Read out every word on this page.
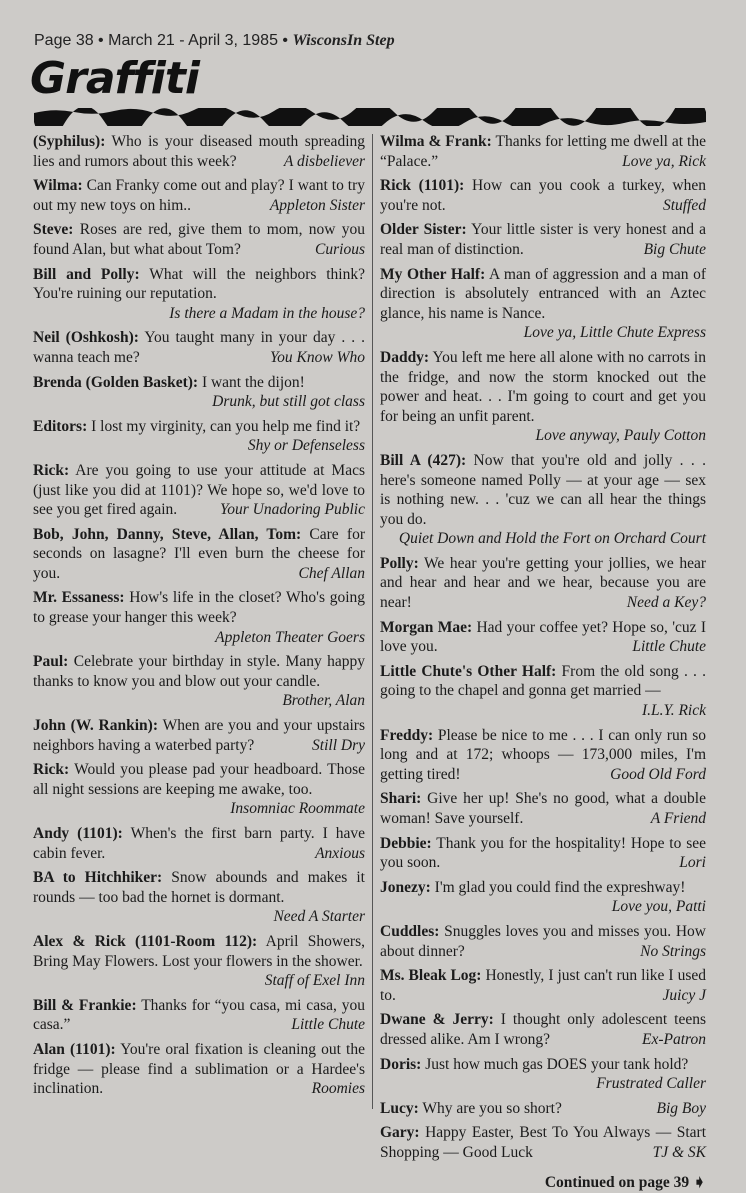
Page 38 • March 21 - April 3, 1985 • WisconsIn Step
Graffiti
(Syphilus): Who is your diseased mouth spreading lies and rumors about this week?	A disbeliever
Wilma: Can Franky come out and play? I want to try out my new toys on him..	Appleton Sister
Steve: Roses are red, give them to mom, now you found Alan, but what about Tom?	Curious
Bill and Polly: What will the neighbors think? You're ruining our reputation.
Is there a Madam in the house?
Neil (Oshkosh): You taught many in your day . . . wanna teach me?	You Know Who
Brenda (Golden Basket): I want the dijon!
Drunk, but still got class
Editors: I lost my virginity, can you help me find it?
Shy or Defenseless
Rick: Are you going to use your attitude at Macs (just like you did at 1101)? We hope so, we'd love to see you get fired again.	Your Unadoring Public
Bob, John, Danny, Steve, Allan, Tom: Care for seconds on lasagne? I'll even burn the cheese for you.	Chef Allan
Mr. Essaness: How's life in the closet? Who's going to grease your hanger this week?
Appleton Theater Goers
Paul: Celebrate your birthday in style. Many happy thanks to know you and blow out your candle.
Brother, Alan
John (W. Rankin): When are you and your upstairs neighbors having a waterbed party?	Still Dry
Rick: Would you please pad your headboard. Those all night sessions are keeping me awake, too.
Insomniac Roommate
Andy (1101): When's the first barn party. I have cabin fever.	Anxious
BA to Hitchhiker: Snow abounds and makes it rounds — too bad the hornet is dormant.
Need A Starter
Alex & Rick (1101-Room 112): April Showers, Bring May Flowers. Lost your flowers in the shower.
Staff of Exel Inn
Bill & Frankie: Thanks for “you casa, mi casa, you casa.”	Little Chute
Alan (1101): You're oral fixation is cleaning out the fridge — please find a sublimation or a Hardee's inclination.	Roomies
Wilma & Frank: Thanks for letting me dwell at the “Palace.”	Love ya, Rick
Rick (1101): How can you cook a turkey, when you're not.	Stuffed
Older Sister: Your little sister is very honest and a real man of distinction.	Big Chute
My Other Half: A man of aggression and a man of direction is absolutely entranced with an Aztec glance, his name is Nance.
Love ya, Little Chute Express
Daddy: You left me here all alone with no carrots in the fridge, and now the storm knocked out the power and heat. . . I'm going to court and get you for being an unfit parent.
Love anyway, Pauly Cotton
Bill A (427): Now that you're old and jolly . . . here's someone named Polly — at your age — sex is nothing new. . . 'cuz we can all hear the things you do.
Quiet Down and Hold the Fort on Orchard Court
Polly: We hear you're getting your jollies, we hear and hear and hear and we hear, because you are near!	Need a Key?
Morgan Mae: Had your coffee yet? Hope so, 'cuz I love you.	Little Chute
Little Chute's Other Half: From the old song . . . going to the chapel and gonna get married —
I.L.Y. Rick
Freddy: Please be nice to me . . . I can only run so long and at 172; whoops — 173,000 miles, I'm getting tired!	Good Old Ford
Shari: Give her up! She's no good, what a double woman! Save yourself.	A Friend
Debbie: Thank you for the hospitality! Hope to see you soon.	Lori
Jonezy: I'm glad you could find the expreshway!
Love you, Patti
Cuddles: Snuggles loves you and misses you. How about dinner?	No Strings
Ms. Bleak Log: Honestly, I just can't run like I used to.	Juicy J
Dwane & Jerry: I thought only adolescent teens dressed alike. Am I wrong?	Ex-Patron
Doris: Just how much gas DOES your tank hold?
Frustrated Caller
Lucy: Why are you so short?	Big Boy
Gary: Happy Easter, Best To You Always — Start Shopping — Good Luck	TJ & SK
Continued on page 39 ➧
